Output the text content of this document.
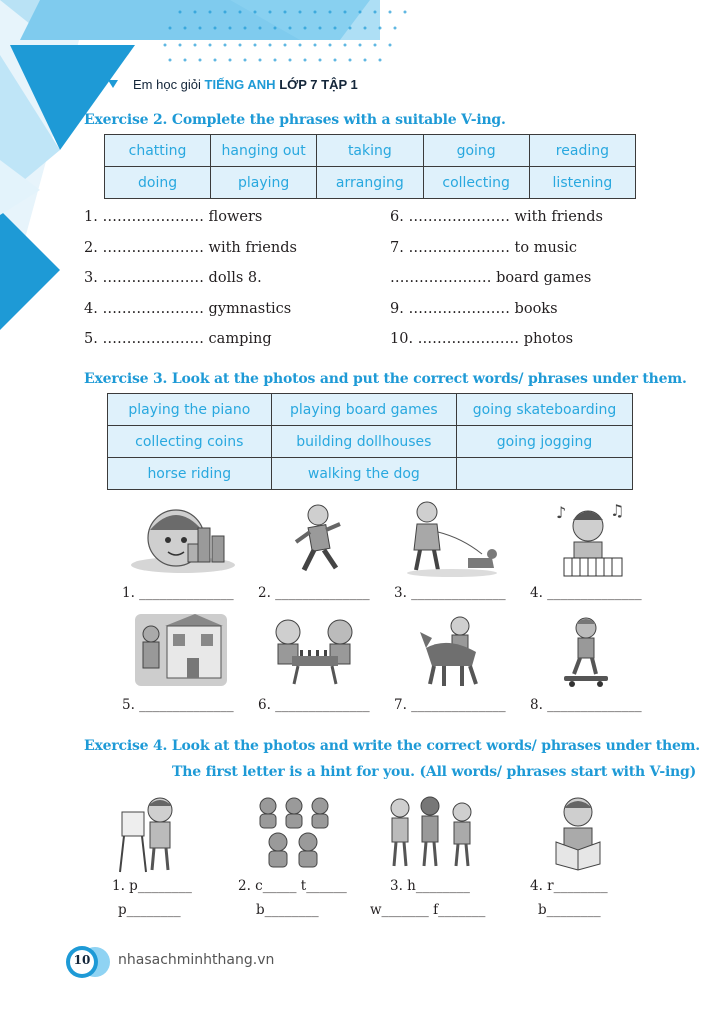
Em học giỏi TIẾNG ANH LỚP 7 TẬP 1
Exercise 2. Complete the phrases with a suitable V-ing.
chatting	hanging out	taking	going	reading
doing	playing	arranging	collecting	listening
1. ………………… flowers
2. ………………… with friends
3. ………………… dolls 8.
4. ………………… gymnastics
5. ………………… camping
6. ………………… with friends
7. ………………… to music
………………… board games
9. ………………… books
10. ………………… photos
Exercise 3. Look at the photos and put the correct words/ phrases under them.
playing the piano	playing board games	going skateboarding
collecting coins	building dollhouses	going jogging
horse riding	walking the dog	
♪	♫
1. ______________ 2. ______________ 3. ______________ 4. ______________
5. ______________ 6. ______________ 7. ______________ 8. ______________
Exercise 4. Look at the photos and write the correct words/ phrases under them.
The first letter is a hint for you. (All words/ phrases start with V-ing)
1. p________	2. c_____ t______	3. h________	4. r________
p________	b________	w_______ f_______	b________
10 nhasachminhthang.vn
